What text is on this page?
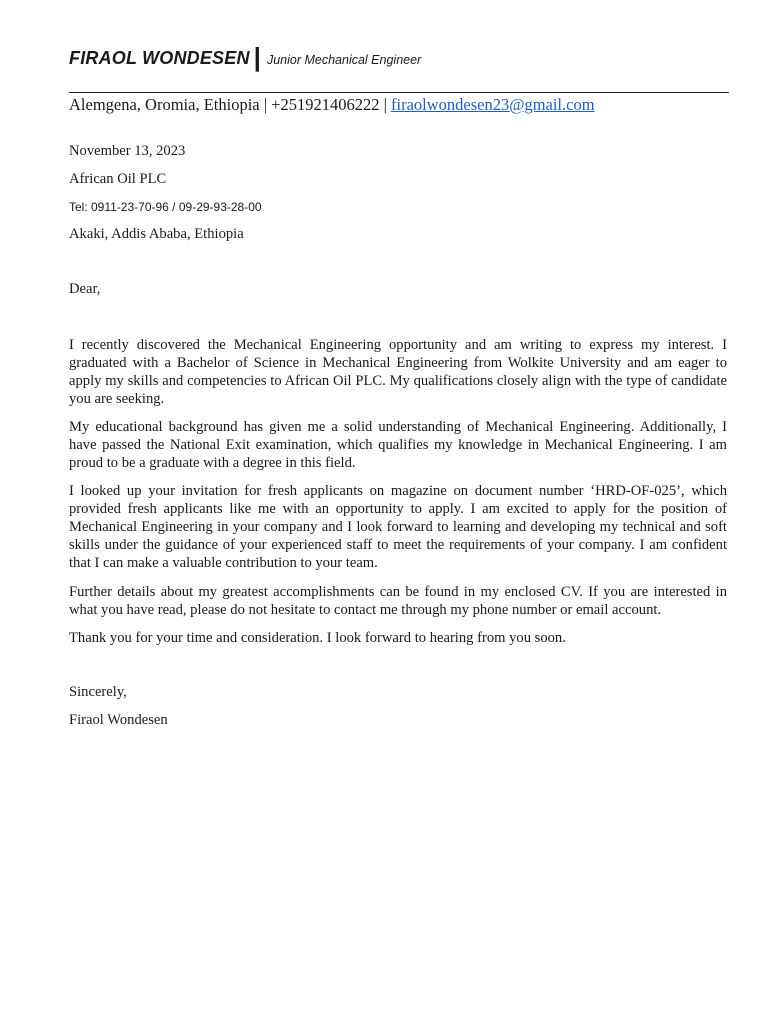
FIRAOL WONDESEN | Junior Mechanical Engineer
Alemgena, Oromia, Ethiopia | +251921406222 | firaolwondesen23@gmail.com
November 13, 2023
African Oil PLC
Tel: 0911-23-70-96 / 09-29-93-28-00
Akaki, Addis Ababa, Ethiopia
Dear,

I recently discovered the Mechanical Engineering opportunity and am writing to express my interest. I graduated with a Bachelor of Science in Mechanical Engineering from Wolkite University and am eager to apply my skills and competencies to African Oil PLC. My qualifications closely align with the type of candidate you are seeking.

My educational background has given me a solid understanding of Mechanical Engineering. Additionally, I have passed the National Exit examination, which qualifies my knowledge in Mechanical Engineering. I am proud to be a graduate with a degree in this field.

I looked up your invitation for fresh applicants on magazine on document number ‘HRD-OF-025’, which provided fresh applicants like me with an opportunity to apply. I am excited to apply for the position of Mechanical Engineering in your company and I look forward to learning and developing my technical and soft skills under the guidance of your experienced staff to meet the requirements of your company. I am confident that I can make a valuable contribution to your team.

Further details about my greatest accomplishments can be found in my enclosed CV. If you are interested in what you have read, please do not hesitate to contact me through my phone number or email account.

Thank you for your time and consideration. I look forward to hearing from you soon.

Sincerely,
Firaol Wondesen
